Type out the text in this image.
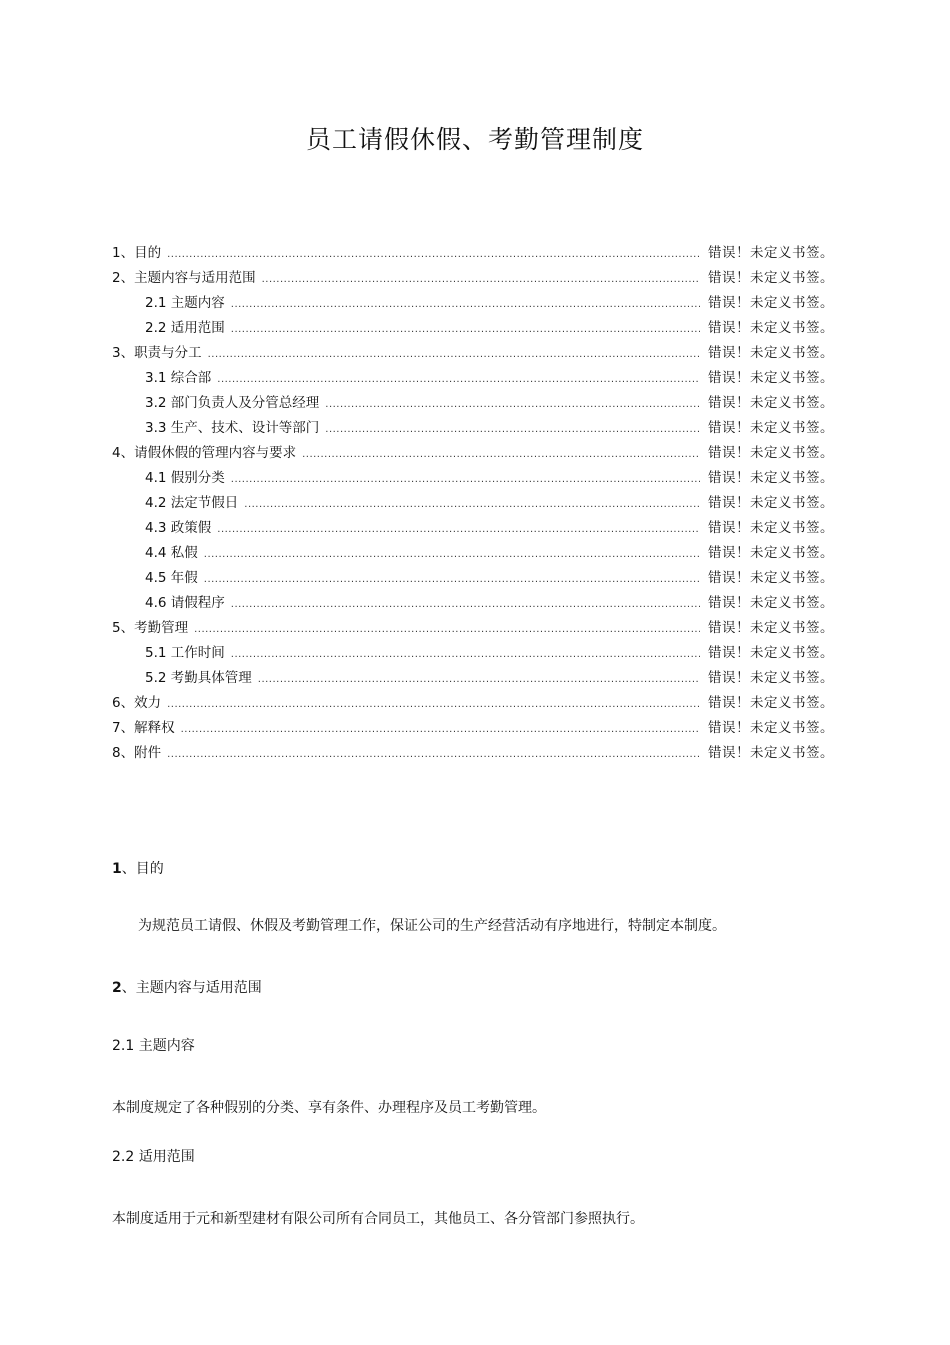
员工请假休假、考勤管理制度
1、目的 .....	错误！未定义书签。
2、主题内容与适用范围 .....	错误！未定义书签。
2.1 主题内容 .....	错误！未定义书签。
2.2 适用范围 .....	错误！未定义书签。
3、职责与分工 .....	错误！未定义书签。
3.1 综合部 .....	错误！未定义书签。
3.2 部门负责人及分管总经理 .....	错误！未定义书签。
3.3 生产、技术、设计等部门 .....	错误！未定义书签。
4、请假休假的管理内容与要求 .....	错误！未定义书签。
4.1 假别分类 .....	错误！未定义书签。
4.2 法定节假日 .....	错误！未定义书签。
4.3 政策假 .....	错误！未定义书签。
4.4 私假 .....	错误！未定义书签。
4.5 年假 .....	错误！未定义书签。
4.6 请假程序 .....	错误！未定义书签。
5、考勤管理 .....	错误！未定义书签。
5.1 工作时间 .....	错误！未定义书签。
5.2 考勤具体管理 .....	错误！未定义书签。
6、效力 .....	错误！未定义书签。
7、解释权 .....	错误！未定义书签。
8、附件 .....	错误！未定义书签。
1、目的
为规范员工请假、休假及考勤管理工作，保证公司的生产经营活动有序地进行，特制定本制度。
2、主题内容与适用范围
2.1 主题内容
本制度规定了各种假别的分类、享有条件、办理程序及员工考勤管理。
2.2 适用范围
本制度适用于元和新型建材有限公司所有合同员工，其他员工、各分管部门参照执行。
